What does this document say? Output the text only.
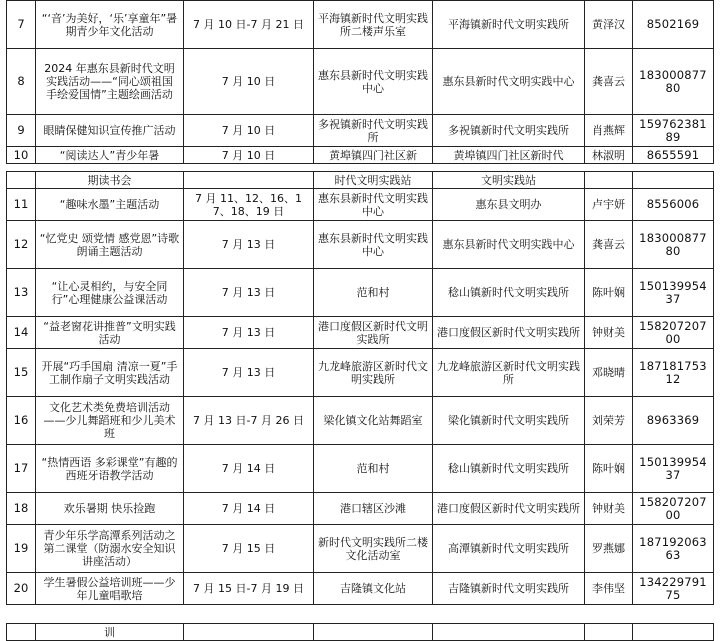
7	“‘音’为美好，‘乐’享童年”暑期青少年文化活动	7 月 10 日-7 月 21 日	平海镇新时代文明实践所二楼声乐室	平海镇新时代文明实践所	黄泽汉	8502169
8	2024 年惠东县新时代文明实践活动——“同心颂祖国 手绘爱国情”主题绘画活动	7 月 10 日	惠东县新时代文明实践中心	惠东县新时代文明实践中心	龚喜云	18300087780
9	眼睛保健知识宣传推广活动	7 月 10 日	多祝镇新时代文明实践所	多祝镇新时代文明实践所	肖燕辉	15976238189
10	“阅读达人”青少年暑	7 月 10 日	黄埠镇四门社区新	黄埠镇四门社区新时代	林淑明	8655591
	期读书会		时代文明实践站	文明实践站		
11	“趣味水墨”主题活动	7 月 11、12、16、17、18、19 日	惠东县新时代文明实践中心	惠东县文明办	卢宇妍	8556006
12	“忆党史 颂党情 感党恩”诗歌朗诵主题活动	7 月 13 日	惠东县新时代文明实践中心	惠东县新时代文明实践中心	龚喜云	18300087780
13	“让心灵相约，与安全同行”心理健康公益课活动	7 月 13 日	范和村	稔山镇新时代文明实践所	陈叶娴	15013995437
14	“益老窗花讲推普”文明实践活动	7 月 13 日	港口度假区新时代文明实践所	港口度假区新时代文明实践所	钟财美	15820720700
15	开展“巧手国扇 清凉一夏”手工制作扇子文明实践活动	7 月 13 日	九龙峰旅游区新时代文明实践所	九龙峰旅游区新时代文明实践所	邓晓晴	18718175312
16	文化艺术类免费培训活动——少儿舞蹈班和少儿美术班	7 月 13 日-7 月 26 日	梁化镇文化站舞蹈室	梁化镇新时代文明实践所	刘荣芳	8963369
17	“热情西语 多彩课堂”有趣的西班牙语教学活动	7 月 14 日	范和村	稔山镇新时代文明实践所	陈叶娴	15013995437
18	欢乐暑期 快乐捡跑	7 月 14 日	港口辖区沙滩	港口度假区新时代文明实践所	钟财美	15820720700
19	青少年乐学高潭系列活动之第二课堂（防溺水安全知识讲座活动）	7 月 15 日	新时代文明实践所二楼文化活动室	高潭镇新时代文明实践所	罗燕娜	18719206363
20	学生暑假公益培训班——少年儿童唱歌培	7 月 15 日-7 月 19 日	吉隆镇文化站	吉隆镇新时代文明实践所	李伟坚	13422979175
	训					
